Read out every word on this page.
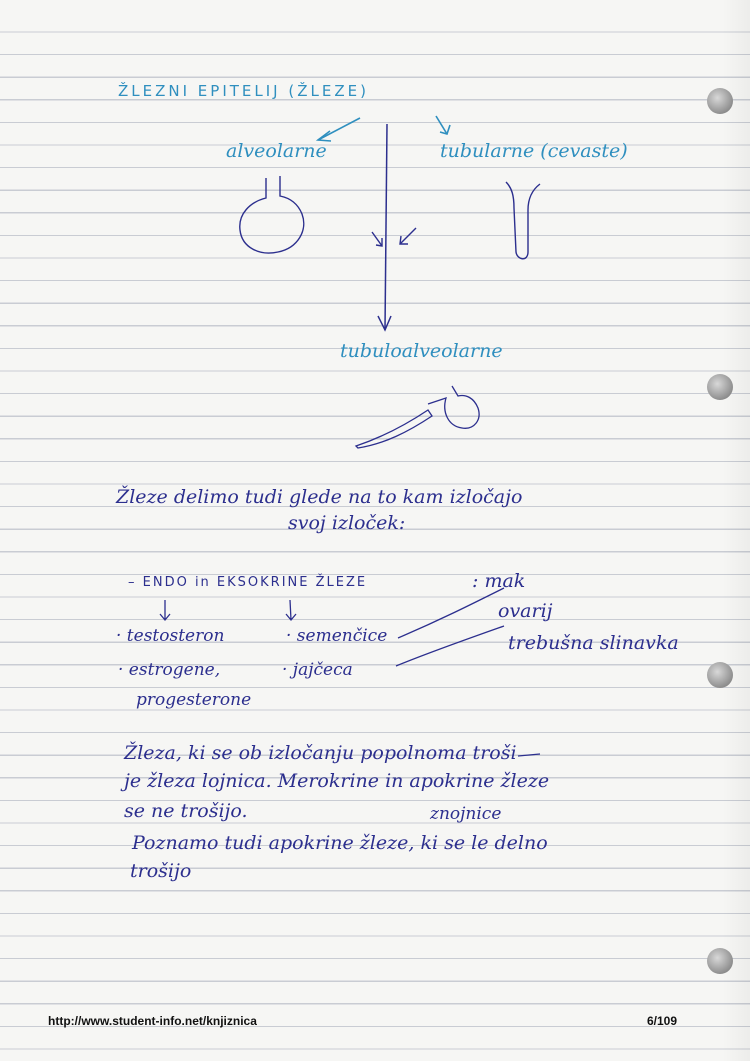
ŽLEZNI EPITELIJ (ŽLEZE)
alveolarne	tubularne (cevaste)
tubuloalveolarne
Žleze delimo tudi glede na to kam izločajo
svoj izloček:
– ENDO in EKSOKRINE ŽLEZE	: mak
ovarij
trebušna slinavka
· testosteron
· estrogene,
progesterone
· semenčice
· jajčeca
Žleza, ki se ob izločanju popolnoma troši
je žleza lojnica. Merokrine in apokrine žleze
se ne trošijo.	znojnice
Poznamo tudi apokrine žleze, ki se le delno
trošijo
http://www.student-info.net/knjiznica	6/109
